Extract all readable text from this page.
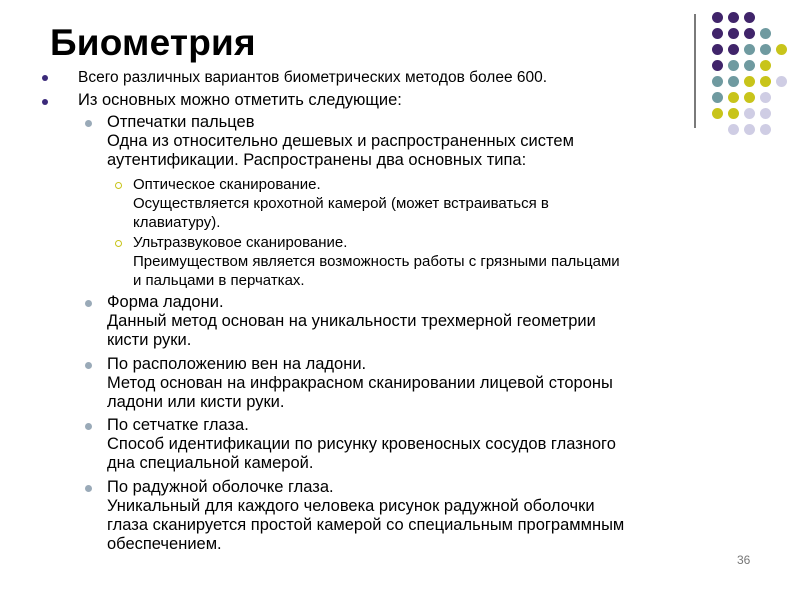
Биометрия
Всего различных вариантов биометрических методов более 600.
Из основных можно отметить следующие:
Отпечатки пальцев
Одна из относительно дешевых и распространенных систем
аутентификации. Распространены два основных типа:
Оптическое сканирование.
Осуществляется крохотной камерой (может встраиваться в
клавиатуру).
Ультразвуковое сканирование.
Преимуществом является возможность работы с грязными пальцами
и пальцами в перчатках.
Форма ладони.
Данный метод основан на уникальности трехмерной геометрии
кисти руки.
По расположению вен на ладони.
Метод основан на инфракрасном сканировании лицевой стороны
ладони или кисти руки.
По сетчатке глаза.
Способ идентификации по рисунку кровеносных сосудов глазного
дна специальной камерой.
По радужной оболочке глаза.
Уникальный для каждого человека рисунок радужной оболочки
глаза сканируется простой камерой со специальным программным
обеспечением.
36
